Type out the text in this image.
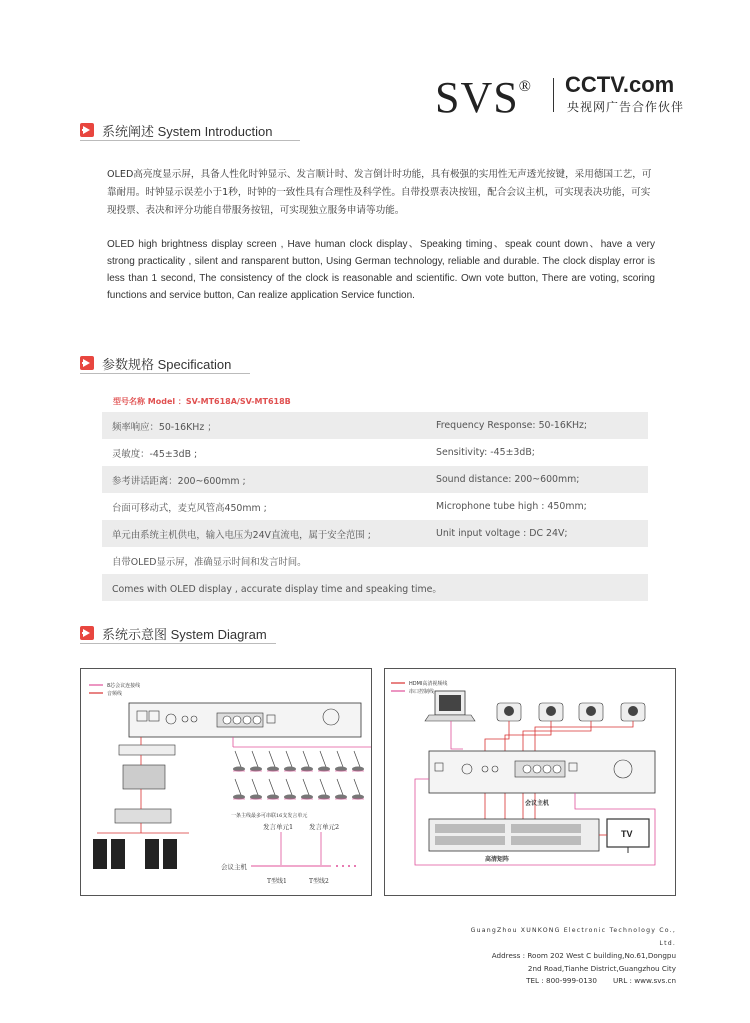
SVS® CCTV.com
央视网广告合作伙伴
系统阐述 System Introduction
OLED高亮度显示屏，具备人性化时钟显示、发言顺计时、发言倒计时功能，具有极强的实用性无声透光按键，采用德国工艺，可靠耐用。时钟显示误差小于1秒，时钟的一致性具有合理性及科学性。自带投票表决按钮，配合会议主机，可实现表决功能，可实现投票、表决和评分功能自带服务按钮，可实现独立服务申请等功能。
OLED high brightness display screen , Have human clock display、Speaking timing、speak count down、have a very strong practicality , silent and ransparent button, Using German technology, reliable and durable. The clock display error is less than 1 second, The consistency of the clock is reasonable and scientific. Own vote button, There are voting, scoring functions and service button, Can realize application Service function.
参数规格 Specification
型号名称 Model ：SV-MT618A/SV-MT618B
频率响应：50-16KHz ；	Frequency Response: 50-16KHz;
灵敏度：-45±3dB ;	Sensitivity: -45±3dB;
参考讲话距离：200~600mm ;	Sound distance: 200~600mm;
台面可移动式，麦克风管高450mm ;	Microphone tube high : 450mm;
单元由系统主机供电，输入电压为24V直流电，属于安全范围 ;	Unit input voltage : DC 24V;
自带OLED显示屏，准确显示时间和发言时间。
Comes with OLED display , accurate display time and speaking time。
系统示意图 System Diagram
8芯会议连接线
音频线
一条主线最多可串联16支发言单元
发言单元1 发言单元2
会议主机
T型线1	T型线2
HDMI高清视频线
串口控制线
会议主机
高清矩阵
TV
GuangZhou XUNKONG Electronic Technology Co., Ltd.
Address : Room 202 West C building,No.61,Dongpu
2nd Road,Tianhe District,Guangzhou City
TEL : 800-999-0130 URL : www.svs.cn
